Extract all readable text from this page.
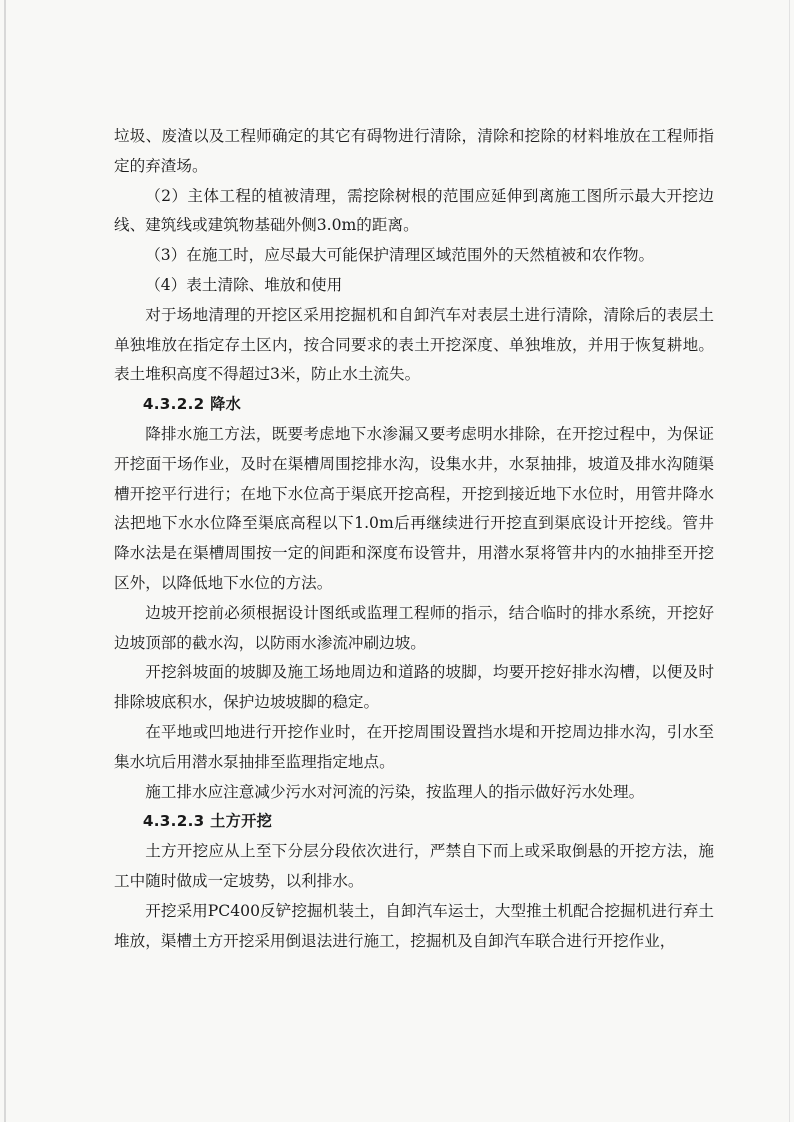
垃圾、废渣以及工程师确定的其它有碍物进行清除，清除和挖除的材料堆放在工程师指定的弃渣场。

（2）主体工程的植被清理，需挖除树根的范围应延伸到离施工图所示最大开挖边线、建筑线或建筑物基础外侧3.0m的距离。

（3）在施工时，应尽最大可能保护清理区域范围外的天然植被和农作物。

（4）表土清除、堆放和使用

对于场地清理的开挖区采用挖掘机和自卸汽车对表层土进行清除，清除后的表层土单独堆放在指定存土区内，按合同要求的表土开挖深度、单独堆放，并用于恢复耕地。表土堆积高度不得超过3米，防止水土流失。

4.3.2.2 降水

降排水施工方法，既要考虑地下水渗漏又要考虑明水排除，在开挖过程中，为保证开挖面干场作业，及时在渠槽周围挖排水沟，设集水井，水泵抽排，坡道及排水沟随渠槽开挖平行进行；在地下水位高于渠底开挖高程，开挖到接近地下水位时，用管井降水法把地下水水位降至渠底高程以下1.0m后再继续进行开挖直到渠底设计开挖线。管井降水法是在渠槽周围按一定的间距和深度布设管井，用潜水泵将管井内的水抽排至开挖区外，以降低地下水位的方法。

边坡开挖前必须根据设计图纸或监理工程师的指示，结合临时的排水系统，开挖好边坡顶部的截水沟，以防雨水渗流冲刷边坡。

开挖斜坡面的坡脚及施工场地周边和道路的坡脚，均要开挖好排水沟槽，以便及时排除坡底积水，保护边坡坡脚的稳定。

在平地或凹地进行开挖作业时，在开挖周围设置挡水堤和开挖周边排水沟，引水至集水坑后用潜水泵抽排至监理指定地点。

施工排水应注意减少污水对河流的污染，按监理人的指示做好污水处理。

4.3.2.3 土方开挖

土方开挖应从上至下分层分段依次进行，严禁自下而上或采取倒悬的开挖方法，施工中随时做成一定坡势，以利排水。

开挖采用PC400反铲挖掘机装土，自卸汽车运士，大型推土机配合挖掘机进行弃土堆放，渠槽土方开挖采用倒退法进行施工，挖掘机及自卸汽车联合进行开挖作业，
